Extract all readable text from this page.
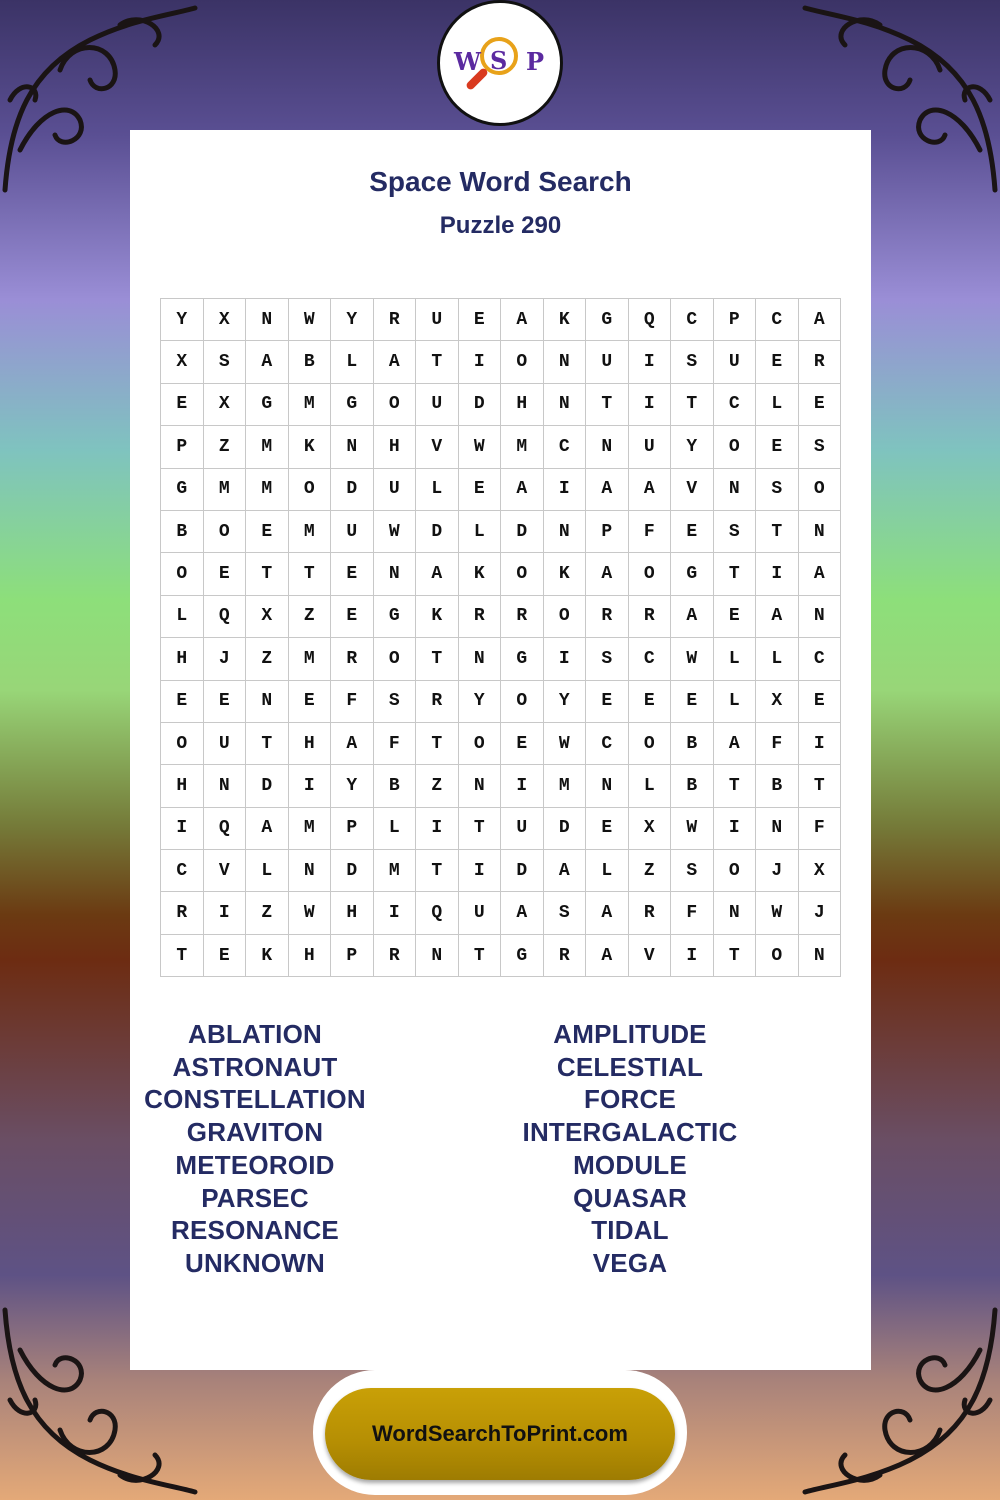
W S P
Space Word Search
Puzzle 290
Y	X	N	W	Y	R	U	E	A	K	G	Q	C	P	C	A
X	S	A	B	L	A	T	I	O	N	U	I	S	U	E	R
E	X	G	M	G	O	U	D	H	N	T	I	T	C	L	E
P	Z	M	K	N	H	V	W	M	C	N	U	Y	O	E	S
G	M	M	O	D	U	L	E	A	I	A	A	V	N	S	O
B	O	E	M	U	W	D	L	D	N	P	F	E	S	T	N
O	E	T	T	E	N	A	K	O	K	A	O	G	T	I	A
L	Q	X	Z	E	G	K	R	R	O	R	R	A	E	A	N
H	J	Z	M	R	O	T	N	G	I	S	C	W	L	L	C
E	E	N	E	F	S	R	Y	O	Y	E	E	E	L	X	E
O	U	T	H	A	F	T	O	E	W	C	O	B	A	F	I
H	N	D	I	Y	B	Z	N	I	M	N	L	B	T	B	T
I	Q	A	M	P	L	I	T	U	D	E	X	W	I	N	F
C	V	L	N	D	M	T	I	D	A	L	Z	S	O	J	X
R	I	Z	W	H	I	Q	U	A	S	A	R	F	N	W	J
T	E	K	H	P	R	N	T	G	R	A	V	I	T	O	N
ABLATION
ASTRONAUT
CONSTELLATION
GRAVITON
METEOROID
PARSEC
RESONANCE
UNKNOWN
AMPLITUDE
CELESTIAL
FORCE
INTERGALACTIC
MODULE
QUASAR
TIDAL
VEGA
WordSearchToPrint.com
